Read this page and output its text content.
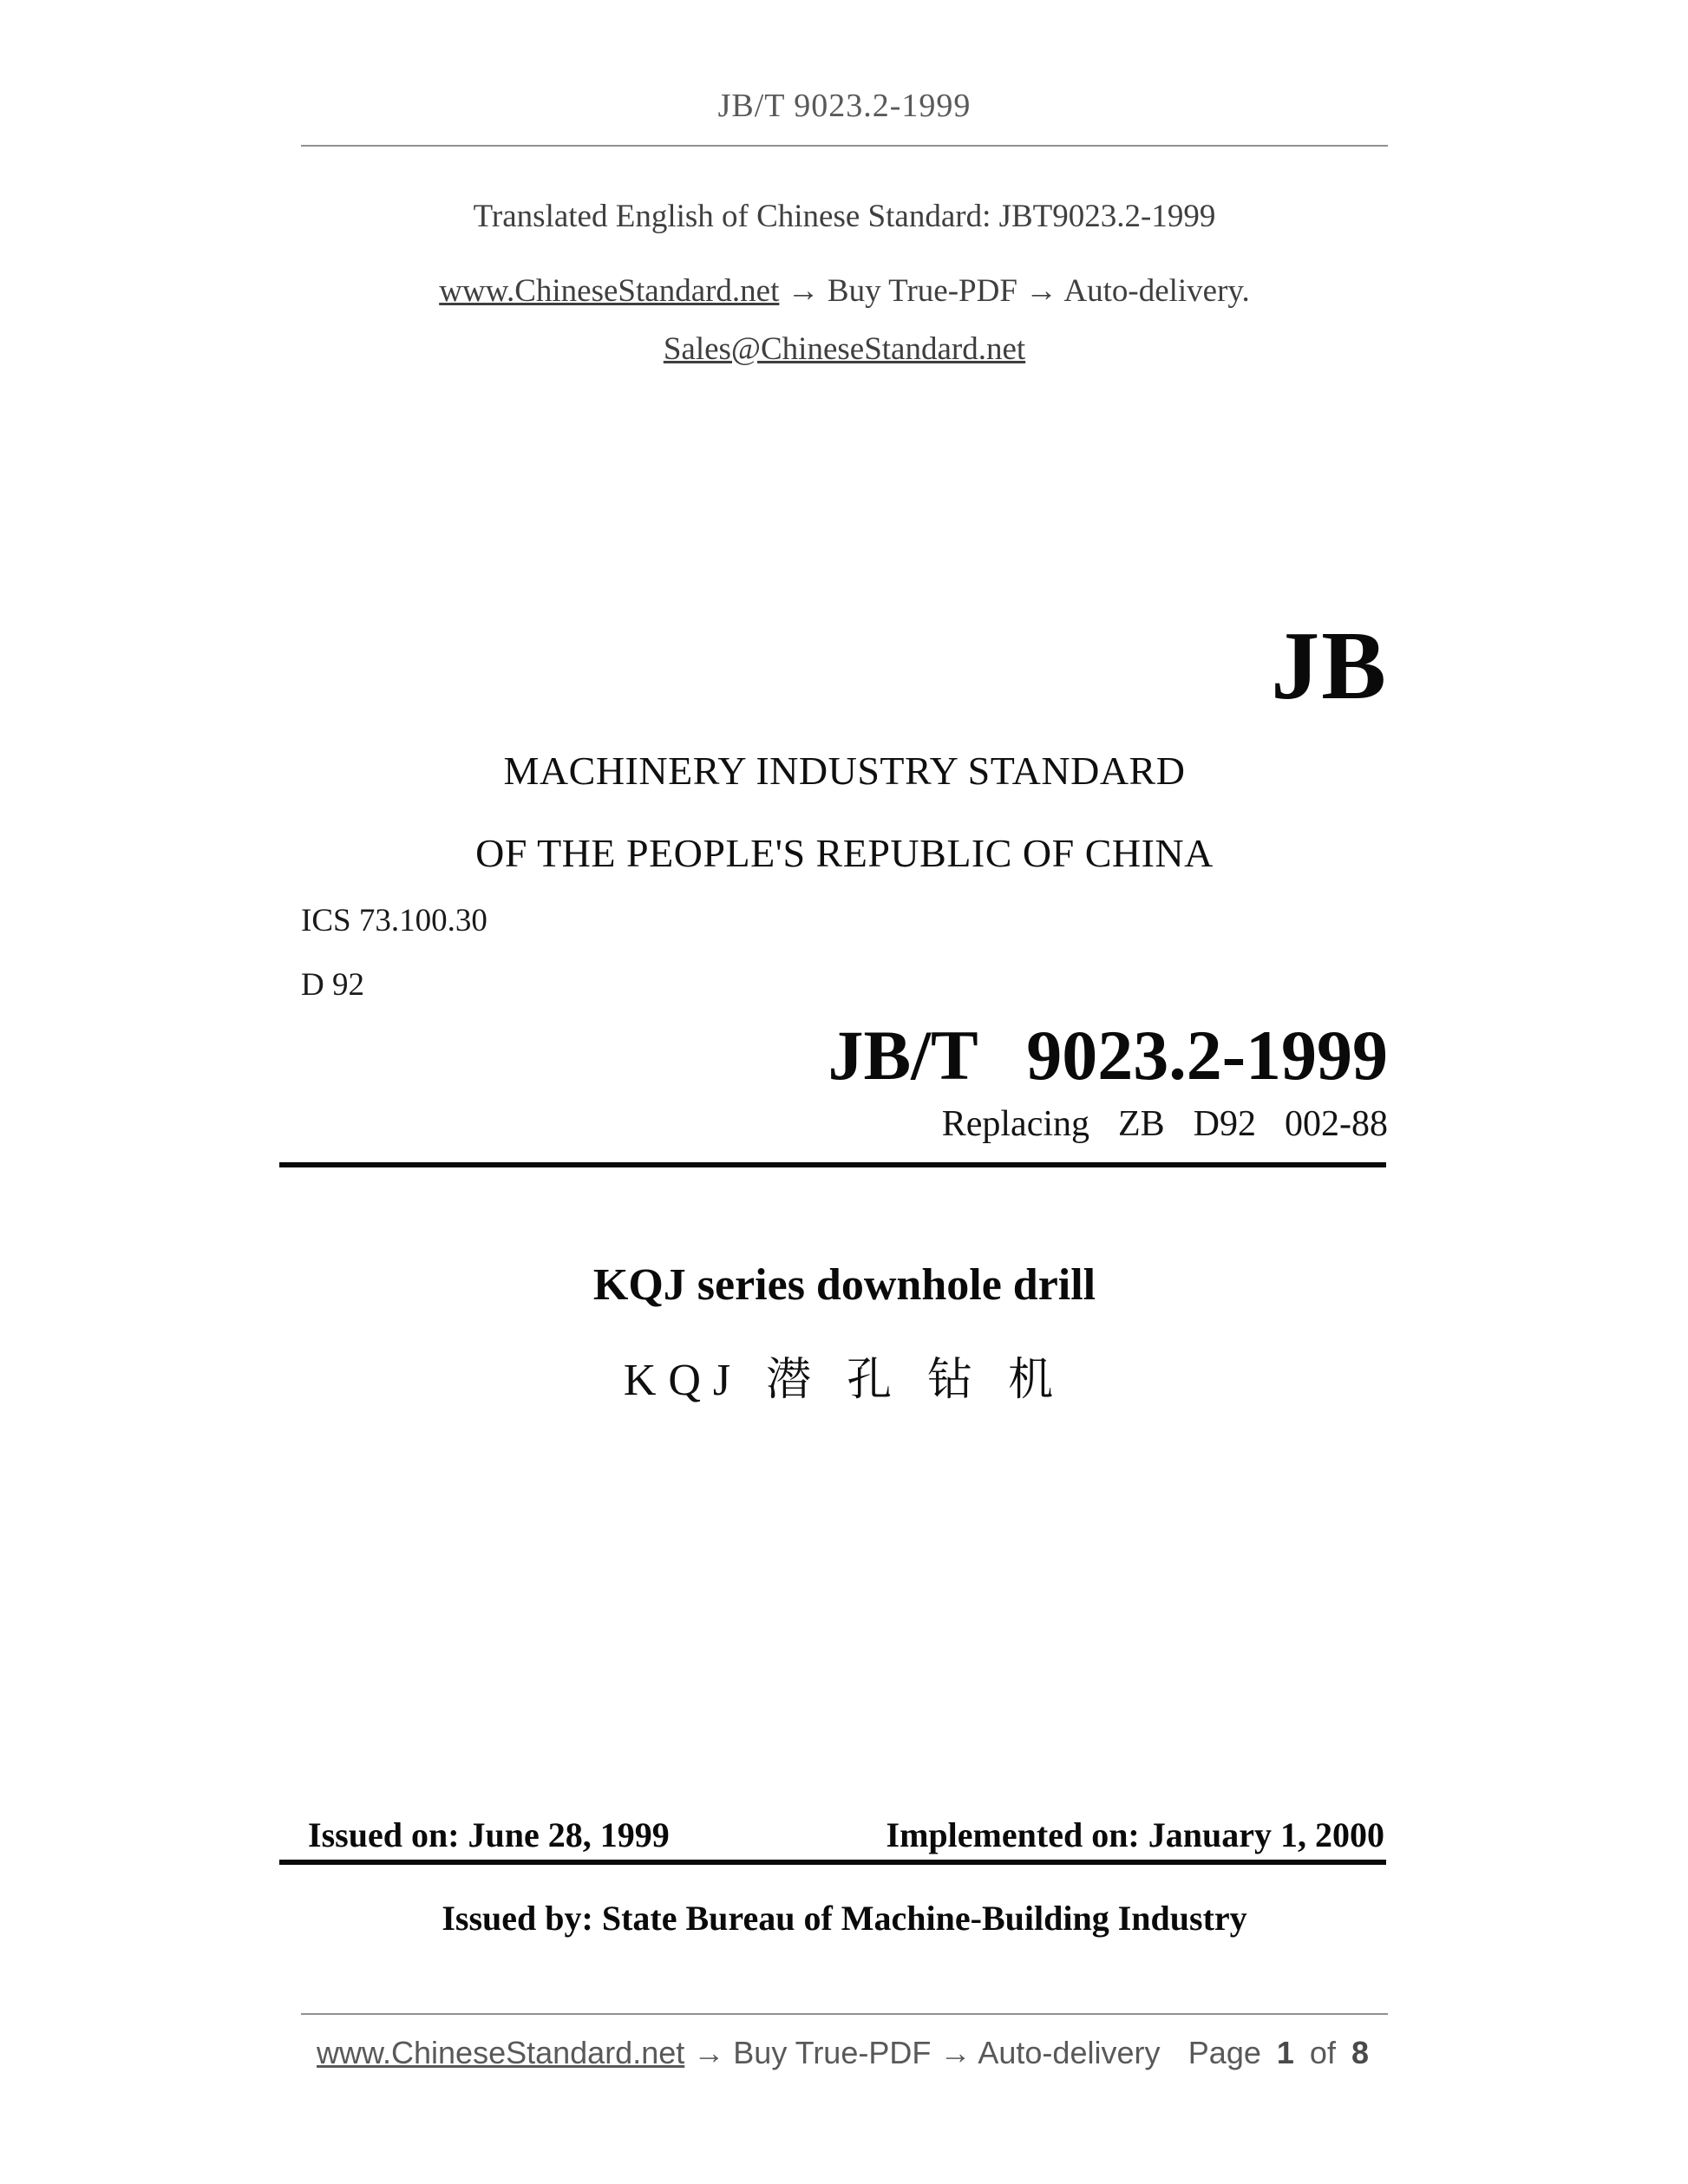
JB/T 9023.2-1999
Translated English of Chinese Standard: JBT9023.2-1999
www.ChineseStandard.net → Buy True-PDF → Auto-delivery.
Sales@ChineseStandard.net
JB
MACHINERY INDUSTRY STANDARD
OF THE PEOPLE'S REPUBLIC OF CHINA
ICS 73.100.30
D 92
JB/T  9023.2-1999
Replacing  ZB  D92  002-88
KQJ series downhole drill
KQJ 潜 孔 钻 机
Issued on: June 28, 1999	Implemented on: January 1, 2000
Issued by: State Bureau of Machine-Building Industry
www.ChineseStandard.net → Buy True-PDF → Auto-delivery Page 1 of 8
